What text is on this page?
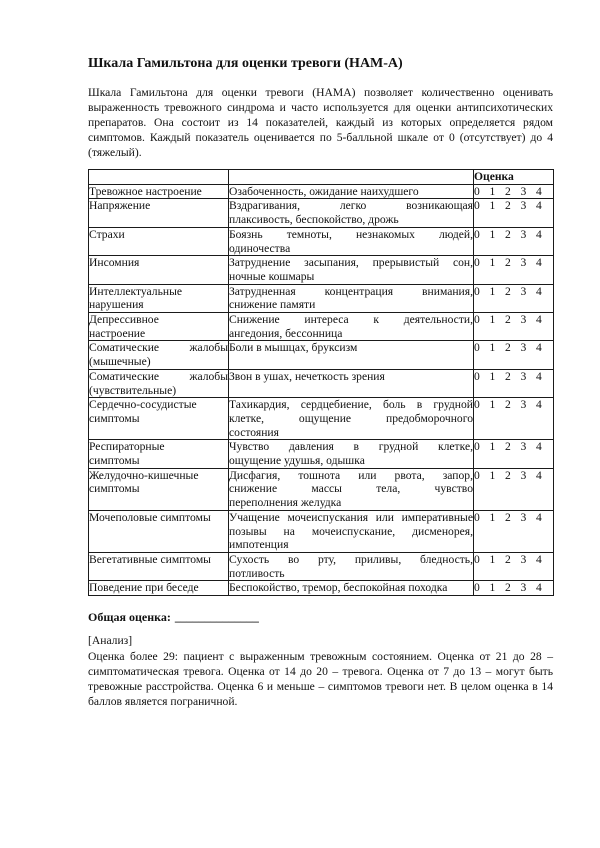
Шкала Гамильтона для оценки тревоги (HAM-A)
Шкала Гамильтона для оценки тревоги (HAMA) позволяет количественно оценивать
выраженность тревожного синдрома и часто используется для оценки антипсихотических
препаратов. Она состоит из 14 показателей, каждый из которых определяется рядом
симптомов. Каждый показатель оценивается по 5-балльной шкале от 0 (отсутствует) до 4
(тяжелый).
		Оценка

Тревожное настроение	Озабоченность, ожидание наихудшего	0 1 2 3 4

Напряжение	Вздрагивания, легко возникающая
плаксивость, беспокойство, дрожь	0 1 2 3 4

Страхи	Боязнь темноты, незнакомых людей,
одиночества	0 1 2 3 4

Инсомния	Затруднение засыпания, прерывистый сон,
ночные кошмары	0 1 2 3 4

Интеллектуальные
нарушения	Затрудненная концентрация внимания,
снижение памяти	0 1 2 3 4

Депрессивное
настроение	Снижение интереса к деятельности,
ангедония, бессонница	0 1 2 3 4

Соматические жалобы
(мышечные)	Боли в мышцах, бруксизм	0 1 2 3 4

Соматические жалобы
(чувствительные)	Звон в ушах, нечеткость зрения	0 1 2 3 4

Сердечно-сосудистые
симптомы	Тахикардия, сердцебиение, боль в грудной
клетке, ощущение предобморочного
состояния	0 1 2 3 4

Респираторные
симптомы	Чувство давления в грудной клетке,
ощущение удушья, одышка	0 1 2 3 4

Желудочно-кишечные
симптомы	Дисфагия, тошнота или рвота, запор,
снижение массы тела, чувство
переполнения желудка	0 1 2 3 4

Мочеполовые симптомы	Учащение мочеиспускания или императивные
позывы на мочеиспускание, дисменорея,
импотенция	0 1 2 3 4

Вегетативные симптомы	Сухость во рту, приливы, бледность,
потливость	0 1 2 3 4

Поведение при беседе	Беспокойство, тремор, беспокойная походка	0 1 2 3 4
Общая оценка: ______________
[Анализ]
Оценка более 29: пациент с выраженным тревожным состоянием. Оценка от 21 до 28 –
симптоматическая тревога. Оценка от 14 до 20 – тревога. Оценка от 7 до 13 – могут быть
тревожные расстройства. Оценка 6 и меньше – симптомов тревоги нет. В целом оценка в 14
баллов является пограничной.
